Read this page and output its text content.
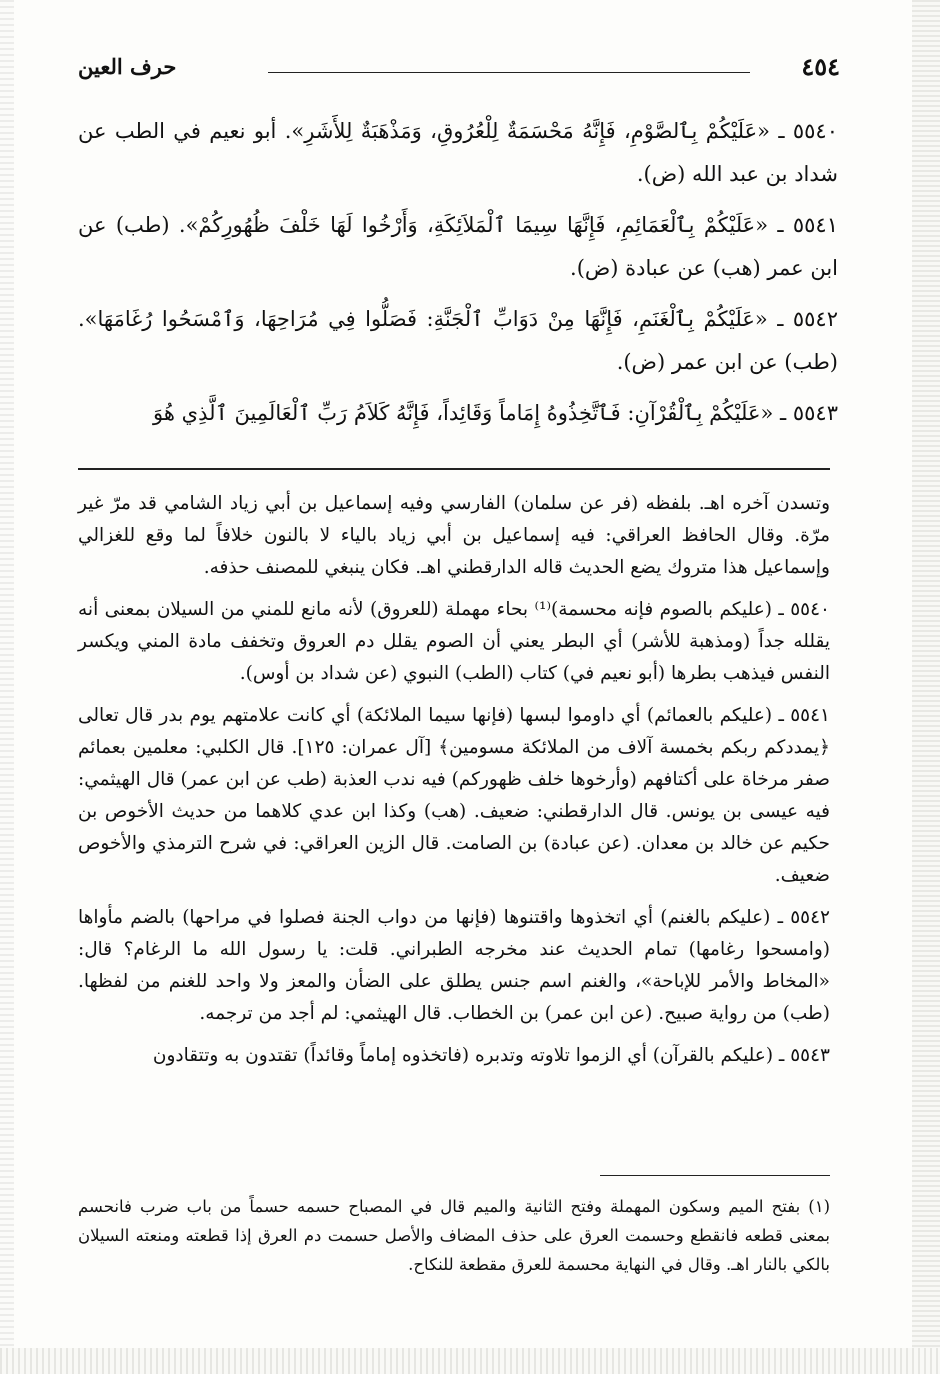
٤٥٤
حرف العين

٥٥٤٠ ـ «عَلَيْكُمْ بِٱلصَّوْمِ، فَإِنَّهُ مَحْسَمَةٌ لِلْعُرُوقِ، وَمَذْهَبَةٌ لِلأَشَرِ». أبو نعيم في الطب عن شداد بن عبد الله (ض).

٥٥٤١ ـ «عَلَيْكُمْ بِٱلْعَمَائِمِ، فَإِنَّهَا سِيمَا ٱلْمَلاَئِكَةِ، وَأَرْخُوا لَهَا خَلْفَ ظُهُورِكُمْ». (طب) عن ابن عمر (هب) عن عبادة (ض).

٥٥٤٢ ـ «عَلَيْكُمْ بِٱلْغَنَمِ، فَإِنَّهَا مِنْ دَوَابِّ ٱلْجَنَّةِ: فَصَلُّوا فِي مُرَاحِهَا، وَٱمْسَحُوا رُغَامَهَا». (طب) عن ابن عمر (ض).

٥٥٤٣ ـ «عَلَيْكُمْ بِٱلْقُرْآنِ: فَٱتَّخِذُوهُ إِمَاماً وَقَائِداً، فَإِنَّهُ كَلاَمُ رَبِّ ٱلْعَالَمِينَ ٱلَّذِي هُوَ

وتسدن آخره اهـ. بلفظه (فر عن سلمان) الفارسي وفيه إسماعيل بن أبي زياد الشامي قد مرّ غير مرّة. وقال الحافظ العراقي: فيه إسماعيل بن أبي زياد بالياء لا بالنون خلافاً لما وقع للغزالي وإسماعيل هذا متروك يضع الحديث قاله الدارقطني اهـ. فكان ينبغي للمصنف حذفه.

٥٥٤٠ ـ (عليكم بالصوم فإنه محسمة)⁽¹⁾ بحاء مهملة (للعروق) لأنه مانع للمني من السيلان بمعنى أنه يقلله جداً (ومذهبة للأشر) أي البطر يعني أن الصوم يقلل دم العروق وتخفف مادة المني ويكسر النفس فيذهب بطرها (أبو نعيم في) كتاب (الطب) النبوي (عن شداد بن أوس).

٥٥٤١ ـ (عليكم بالعمائم) أي داوموا لبسها (فإنها سيما الملائكة) أي كانت علامتهم يوم بدر قال تعالى ﴿يمددكم ربكم بخمسة آلاف من الملائكة مسومين﴾ [آل عمران: ١٢٥]. قال الكلبي: معلمين بعمائم صفر مرخاة على أكتافهم (وأرخوها خلف ظهوركم) فيه ندب العذبة (طب عن ابن عمر) قال الهيثمي: فيه عيسى بن يونس. قال الدارقطني: ضعيف. (هب) وكذا ابن عدي كلاهما من حديث الأخوص بن حكيم عن خالد بن معدان. (عن عبادة) بن الصامت. قال الزين العراقي: في شرح الترمذي والأخوص ضعيف.

٥٥٤٢ ـ (عليكم بالغنم) أي اتخذوها واقتنوها (فإنها من دواب الجنة فصلوا في مراحها) بالضم مأواها (وامسحوا رغامها) تمام الحديث عند مخرجه الطبراني. قلت: يا رسول الله ما الرغام؟ قال: «المخاط والأمر للإباحة»، والغنم اسم جنس يطلق على الضأن والمعز ولا واحد للغنم من لفظها. (طب) من رواية صبيح. (عن ابن عمر) بن الخطاب. قال الهيثمي: لم أجد من ترجمه.

٥٥٤٣ ـ (عليكم بالقرآن) أي الزموا تلاوته وتدبره (فاتخذوه إماماً وقائداً) تقتدون به وتتقادون

(١) بفتح الميم وسكون المهملة وفتح الثانية والميم قال في المصباح حسمه حسماً من باب ضرب فانحسم بمعنى قطعه فانقطع وحسمت العرق على حذف المضاف والأصل حسمت دم العرق إذا قطعته ومنعته السيلان بالكي بالنار اهـ. وقال في النهاية محسمة للعرق مقطعة للنكاح.
